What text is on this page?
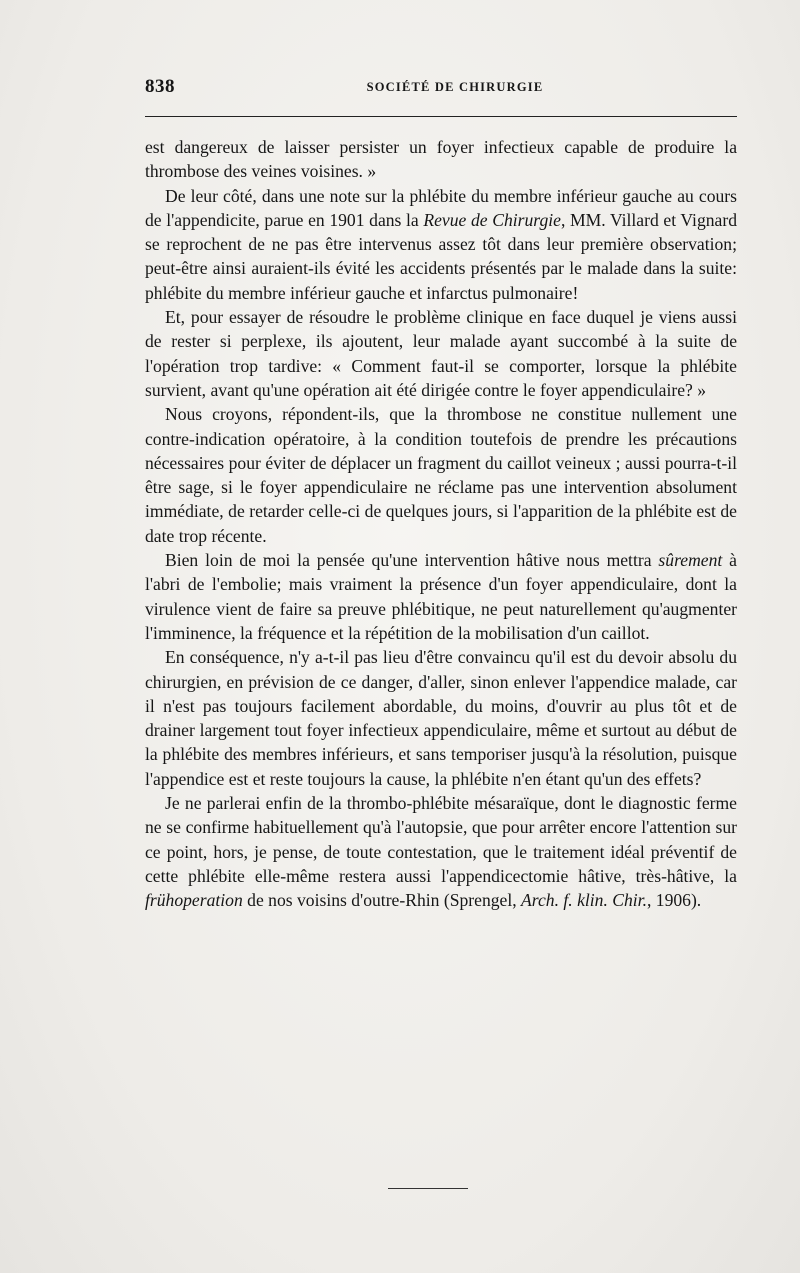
838	SOCIÉTÉ DE CHIRURGIE

est dangereux de laisser persister un foyer infectieux capable de produire la thrombose des veines voisines. »

De leur côté, dans une note sur la phlébite du membre inférieur gauche au cours de l'appendicite, parue en 1901 dans la Revue de Chirurgie, MM. Villard et Vignard se reprochent de ne pas être intervenus assez tôt dans leur première observation; peut-être ainsi auraient-ils évité les accidents présentés par le malade dans la suite: phlébite du membre inférieur gauche et infarctus pulmonaire!

Et, pour essayer de résoudre le problème clinique en face duquel je viens aussi de rester si perplexe, ils ajoutent, leur malade ayant succombé à la suite de l'opération trop tardive: « Comment faut-il se comporter, lorsque la phlébite survient, avant qu'une opération ait été dirigée contre le foyer appendiculaire? »

Nous croyons, répondent-ils, que la thrombose ne constitue nullement une contre-indication opératoire, à la condition toutefois de prendre les précautions nécessaires pour éviter de déplacer un fragment du caillot veineux ; aussi pourra-t-il être sage, si le foyer appendiculaire ne réclame pas une intervention absolument immédiate, de retarder celle-ci de quelques jours, si l'apparition de la phlébite est de date trop récente.

Bien loin de moi la pensée qu'une intervention hâtive nous mettra sûrement à l'abri de l'embolie; mais vraiment la présence d'un foyer appendiculaire, dont la virulence vient de faire sa preuve phlébitique, ne peut naturellement qu'augmenter l'imminence, la fréquence et la répétition de la mobilisation d'un caillot.

En conséquence, n'y a-t-il pas lieu d'être convaincu qu'il est du devoir absolu du chirurgien, en prévision de ce danger, d'aller, sinon enlever l'appendice malade, car il n'est pas toujours facilement abordable, du moins, d'ouvrir au plus tôt et de drainer largement tout foyer infectieux appendiculaire, même et surtout au début de la phlébite des membres inférieurs, et sans temporiser jusqu'à la résolution, puisque l'appendice est et reste toujours la cause, la phlébite n'en étant qu'un des effets?

Je ne parlerai enfin de la thrombo-phlébite mésaraïque, dont le diagnostic ferme ne se confirme habituellement qu'à l'autopsie, que pour arrêter encore l'attention sur ce point, hors, je pense, de toute contestation, que le traitement idéal préventif de cette phlébite elle-même restera aussi l'appendicectomie hâtive, très-hâtive, la frühoperation de nos voisins d'outre-Rhin (Sprengel, Arch. f. klin. Chir., 1906).
